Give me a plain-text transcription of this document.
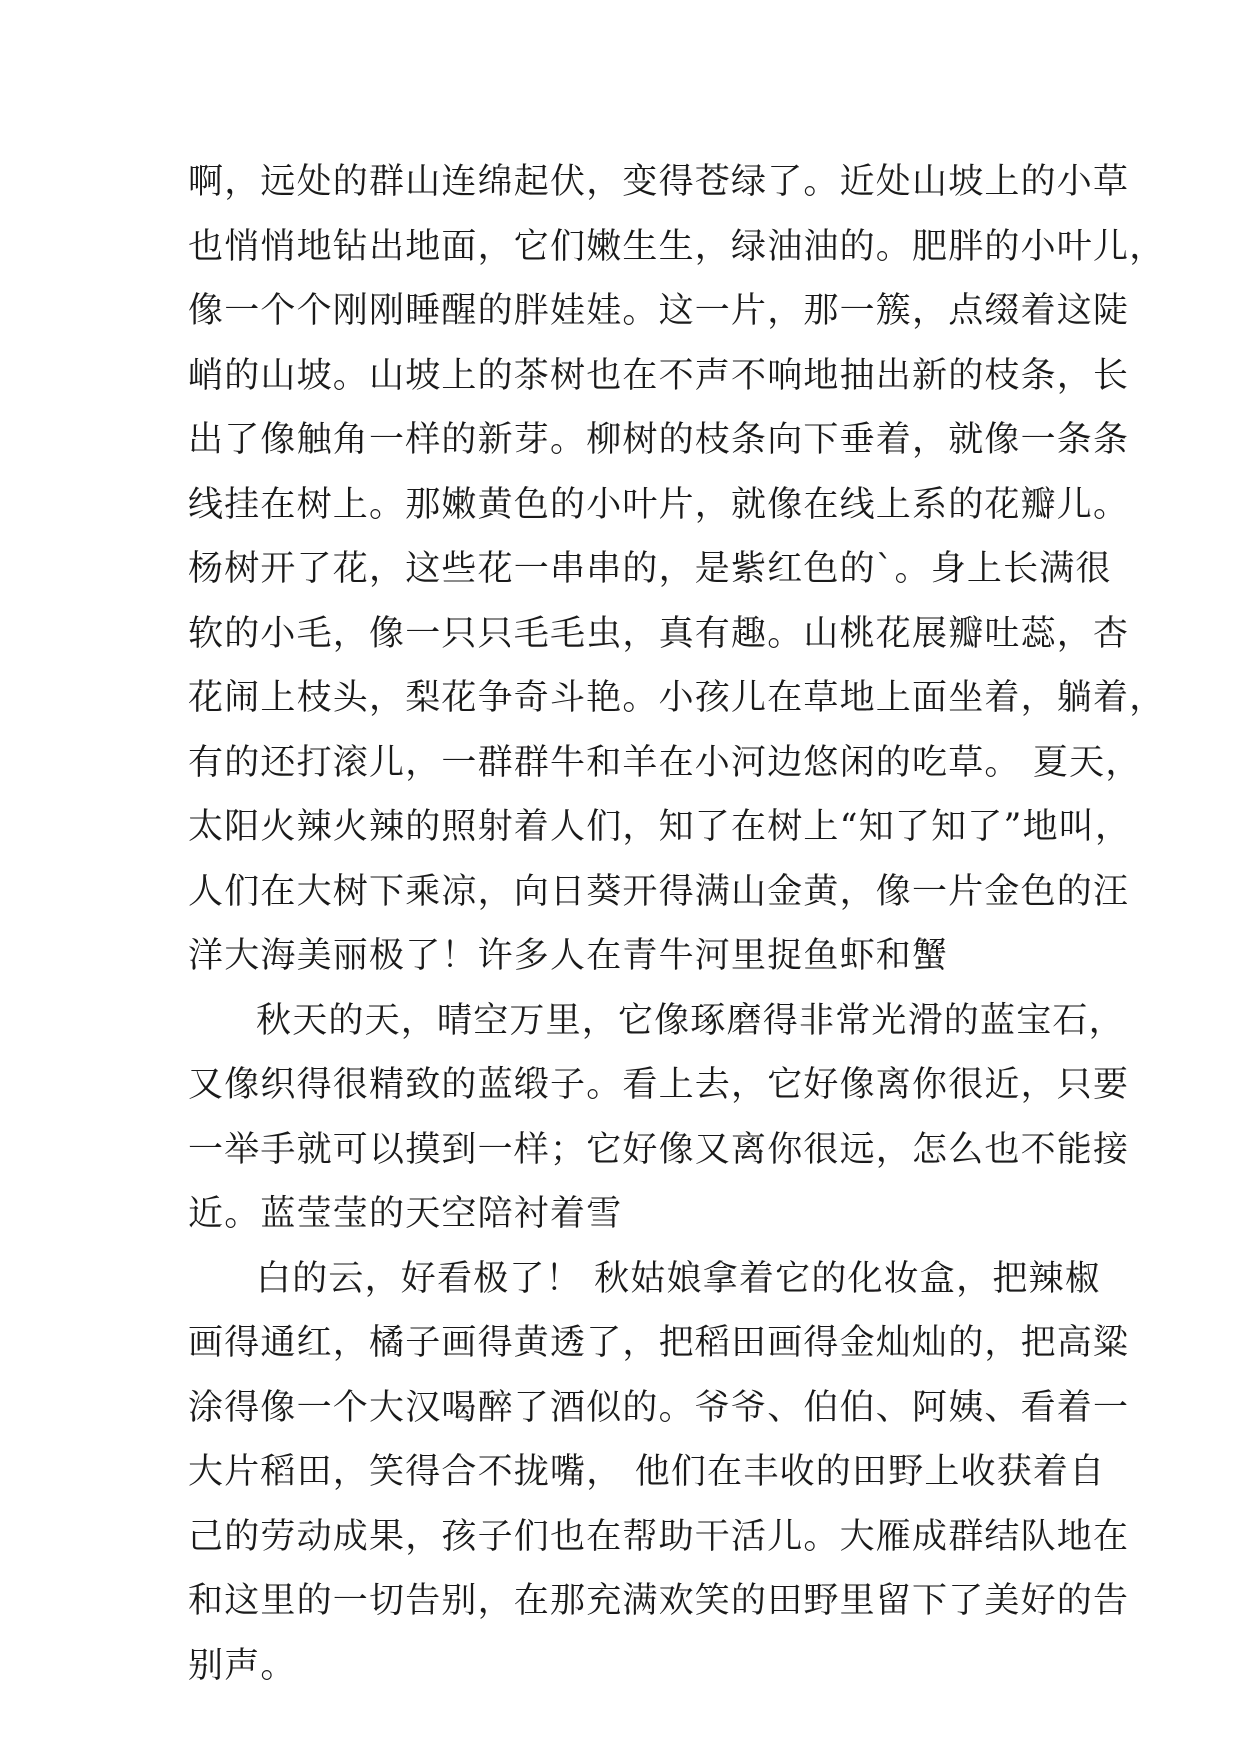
啊，远处的群山连绵起伏，变得苍绿了。近处山坡上的小草
也悄悄地钻出地面，它们嫩生生，绿油油的。肥胖的小叶儿，
像一个个刚刚睡醒的胖娃娃。这一片，那一簇，点缀着这陡
峭的山坡。山坡上的茶树也在不声不响地抽出新的枝条，长
出了像触角一样的新芽。柳树的枝条向下垂着，就像一条条
线挂在树上。那嫩黄色的小叶片，就像在线上系的花瓣儿。
杨树开了花，这些花一串串的，是紫红色的`。身上长满很
软的小毛，像一只只毛毛虫，真有趣。山桃花展瓣吐蕊，杏
花闹上枝头，梨花争奇斗艳。小孩儿在草地上面坐着，躺着，
有的还打滚儿，一群群牛和羊在小河边悠闲的吃草。 夏天，
太阳火辣火辣的照射着人们，知了在树上“知了知了”地叫，
人们在大树下乘凉，向日葵开得满山金黄，像一片金色的汪
洋大海美丽极了！许多人在青牛河里捉鱼虾和蟹
秋天的天，晴空万里，它像琢磨得非常光滑的蓝宝石，
又像织得很精致的蓝缎子。看上去，它好像离你很近，只要
一举手就可以摸到一样；它好像又离你很远，怎么也不能接
近。蓝莹莹的天空陪衬着雪
白的云，好看极了！ 秋姑娘拿着它的化妆盒，把辣椒
画得通红，橘子画得黄透了，把稻田画得金灿灿的，把高粱
涂得像一个大汉喝醉了酒似的。爷爷、伯伯、阿姨、看着一
大片稻田，笑得合不拢嘴， 他们在丰收的田野上收获着自
己的劳动成果，孩子们也在帮助干活儿。大雁成群结队地在
和这里的一切告别，在那充满欢笑的田野里留下了美好的告
别声。
